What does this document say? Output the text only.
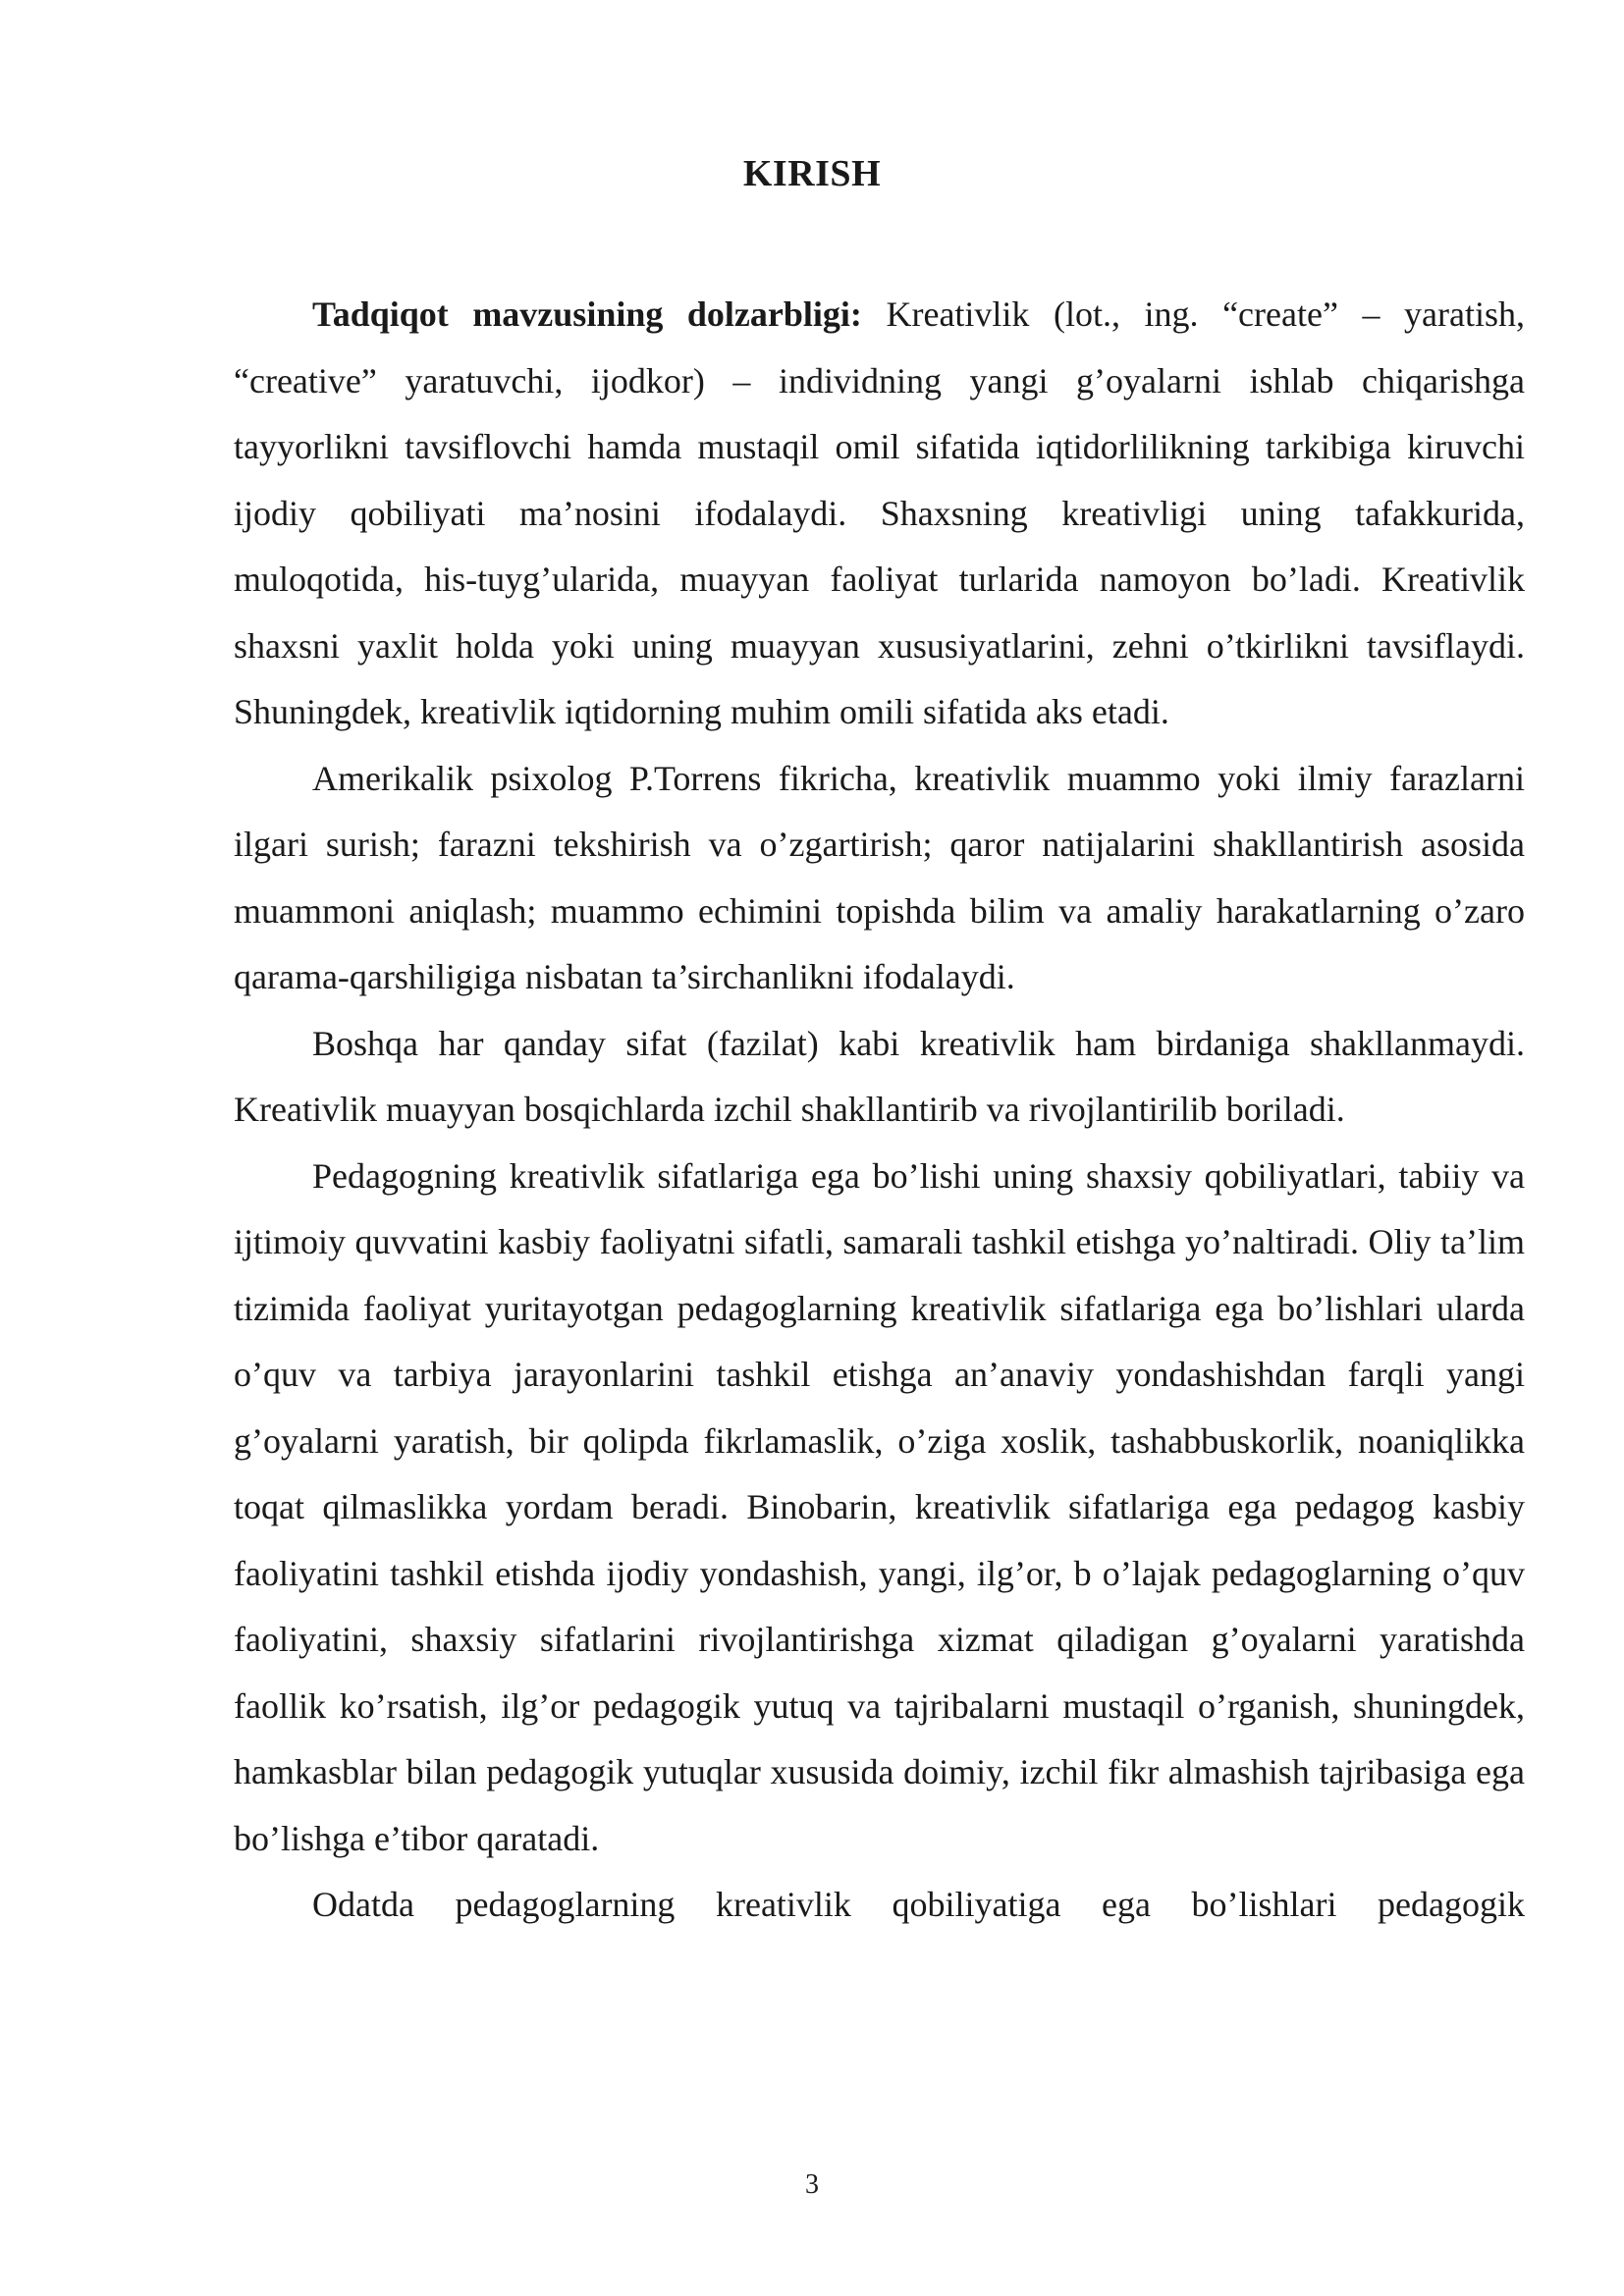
KIRISH

Tadqiqot mavzusining dolzarbligi: Kreativlik (lot., ing. “create” – yaratish, “creative” yaratuvchi, ijodkor) – individning yangi g’oyalarni ishlab chiqarishga tayyorlikni tavsiflovchi hamda mustaqil omil sifatida iqtidorlilikning tarkibiga kiruvchi ijodiy qobiliyati ma’nosini ifodalaydi. Shaxsning kreativligi uning tafakkurida, muloqotida, his-tuyg’ularida, muayyan faoliyat turlarida namoyon bo’ladi. Kreativlik shaxsni yaxlit holda yoki uning muayyan xususiyatlarini, zehni o’tkirlikni tavsiflaydi. Shuningdek, kreativlik iqtidorning muhim omili sifatida aks etadi.

Amerikalik psixolog P.Torrens fikricha, kreativlik muammo yoki ilmiy farazlarni ilgari surish; farazni tekshirish va o’zgartirish; qaror natijalarini shakllantirish asosida muammoni aniqlash; muammo echimini topishda bilim va amaliy harakatlarning o’zaro qarama-qarshiligiga nisbatan ta’sirchanlikni ifodalaydi.

Boshqa har qanday sifat (fazilat) kabi kreativlik ham birdaniga shakllanmaydi. Kreativlik muayyan bosqichlarda izchil shakllantirib va rivojlantirilib boriladi.

Pedagogning kreativlik sifatlariga ega bo’lishi uning shaxsiy qobiliyatlari, tabiiy va ijtimoiy quvvatini kasbiy faoliyatni sifatli, samarali tashkil etishga yo’naltiradi. Oliy ta’lim tizimida faoliyat yuritayotgan pedagoglarning kreativlik sifatlariga ega bo’lishlari ularda o’quv va tarbiya jarayonlarini tashkil etishga an’anaviy yondashishdan farqli yangi g’oyalarni yaratish, bir qolipda fikrlamaslik, o’ziga xoslik, tashabbuskorlik, noaniqlikka toqat qilmaslikka yordam beradi. Binobarin, kreativlik sifatlariga ega pedagog kasbiy faoliyatini tashkil etishda ijodiy yondashish, yangi, ilg’or, b o’lajak pedagoglarning o’quv faoliyatini, shaxsiy sifatlarini rivojlantirishga xizmat qiladigan g’oyalarni yaratishda faollik ko’rsatish, ilg’or pedagogik yutuq va tajribalarni mustaqil o’rganish, shuningdek, hamkasblar bilan pedagogik yutuqlar xususida doimiy, izchil fikr almashish tajribasiga ega bo’lishga e’tibor qaratadi.

Odatda pedagoglarning kreativlik qobiliyatiga ega bo’lishlari pedagogik

3
